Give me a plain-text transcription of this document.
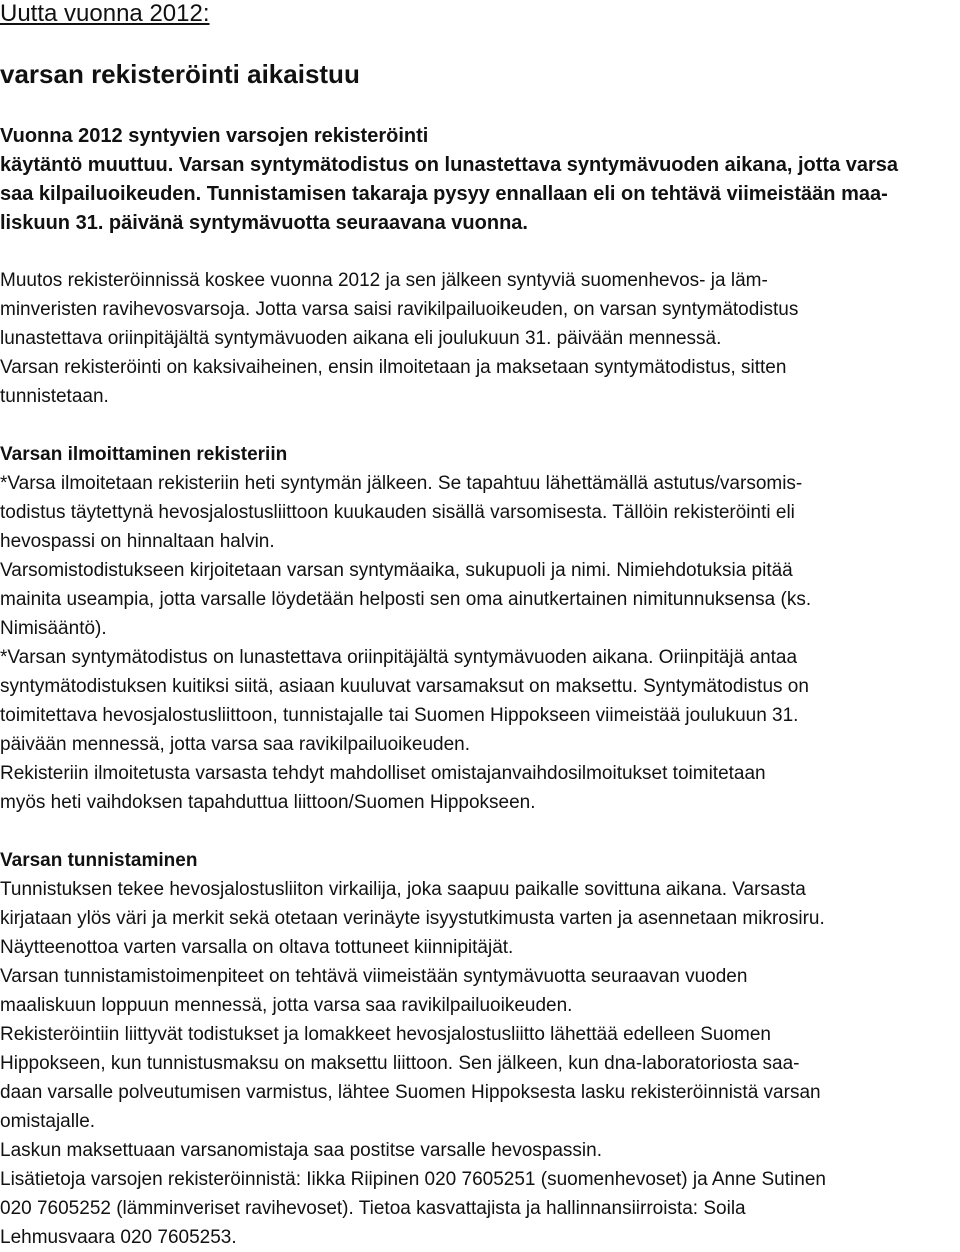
Uutta vuonna 2012:
varsan rekisteröinti aikaistuu
Vuonna 2012 syntyvien varsojen rekisteröinti
käytäntö muuttuu. Varsan syntymätodistus on lunastettava syntymävuoden aikana, jotta varsa
saa kilpailuoikeuden. Tunnistamisen takaraja pysyy ennallaan eli on tehtävä viimeistään maa-
liskuun 31. päivänä syntymävuotta seuraavana vuonna.
Muutos rekisteröinnissä koskee vuonna 2012 ja sen jälkeen syntyviä suomenhevos- ja läm-
minveristen ravihevosvarsoja. Jotta varsa saisi ravikilpailuoikeuden, on varsan syntymätodistus
lunastettava oriinpitäjältä syntymävuoden aikana eli joulukuun 31. päivään mennessä.
Varsan rekisteröinti on kaksivaiheinen, ensin ilmoitetaan ja maksetaan syntymätodistus, sitten
tunnistetaan.
Varsan ilmoittaminen rekisteriin
*Varsa ilmoitetaan rekisteriin heti syntymän jälkeen. Se tapahtuu lähettämällä astutus/varsomis-
todistus täytettynä hevosjalostusliittoon kuukauden sisällä varsomisesta. Tällöin rekisteröinti eli
hevospassi on hinnaltaan halvin.
Varsomistodistukseen kirjoitetaan varsan syntymäaika, sukupuoli ja nimi. Nimiehdotuksia pitää
mainita useampia, jotta varsalle löydetään helposti sen oma ainutkertainen nimitunnuksensa (ks.
Nimisääntö).
*Varsan syntymätodistus on lunastettava oriinpitäjältä syntymävuoden aikana. Oriinpitäjä antaa
syntymätodistuksen kuitiksi siitä, asiaan kuuluvat varsamaksut on maksettu. Syntymätodistus on
toimitettava hevosjalostusliittoon, tunnistajalle tai Suomen Hippokseen viimeistää joulukuun 31.
päivään mennessä, jotta varsa saa ravikilpailuoikeuden.
Rekisteriin ilmoitetusta varsasta tehdyt mahdolliset omistajanvaihdosilmoitukset toimitetaan
myös heti vaihdoksen tapahduttua liittoon/Suomen Hippokseen.
Varsan tunnistaminen
Tunnistuksen tekee hevosjalostusliiton virkailija, joka saapuu paikalle sovittuna aikana. Varsasta
kirjataan ylös väri ja merkit sekä otetaan verinäyte isyystutkimusta varten ja asennetaan mikrosiru.
Näytteenottoa varten varsalla on oltava tottuneet kiinnipitäjät.
Varsan tunnistamistoimenpiteet on tehtävä viimeistään syntymävuotta seuraavan vuoden
maaliskuun loppuun mennessä, jotta varsa saa ravikilpailuoikeuden.
Rekisteröintiin liittyvät todistukset ja lomakkeet hevosjalostusliitto lähettää edelleen Suomen
Hippokseen, kun tunnistusmaksu on maksettu liittoon. Sen jälkeen, kun dna-laboratoriosta saa-
daan varsalle polveutumisen varmistus, lähtee Suomen Hippoksesta lasku rekisteröinnistä varsan
omistajalle.
Laskun maksettuaan varsanomistaja saa postitse varsalle hevospassin.
Lisätietoja varsojen rekisteröinnistä: Iikka Riipinen 020 7605251 (suomenhevoset) ja Anne Sutinen
020 7605252 (lämminveriset ravihevoset). Tietoa kasvattajista ja hallinnansiirroista: Soila
Lehmusvaara 020 7605253.
